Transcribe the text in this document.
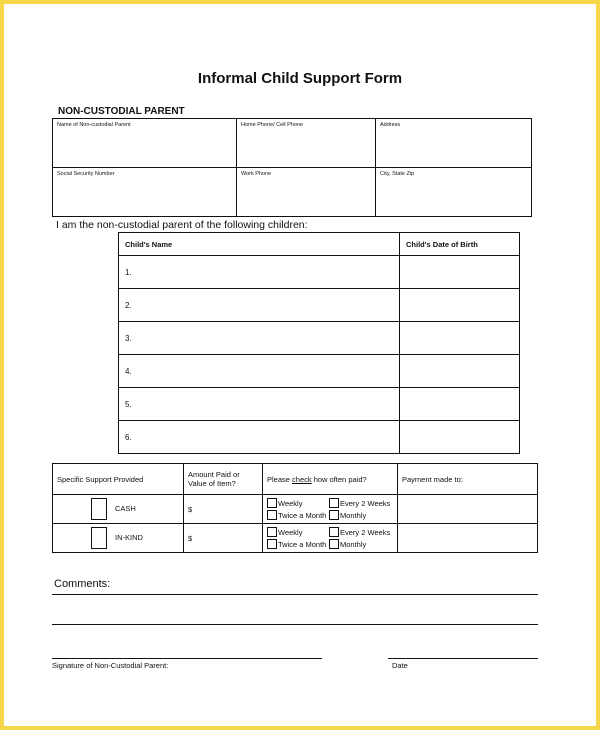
Informal Child Support Form
NON-CUSTODIAL PARENT
Name of Non-custodial Parent	Home Phone/ Cell Phone	Address
Social Security Number	Work Phone	City, State Zip
I am the non-custodial parent of the following children:
Child's Name	Child's Date of Birth
1.	
2.	
3.	
4.	
5.	
6.	
Specific Support Provided	Amount Paid or Value of Item?	Please check how often paid?	Payment made to:
CASH	$	Weekly Every 2 Weeks
Twice a Month Monthly	

IN-KIND	$	Weekly Every 2 Weeks
Twice a Month Monthly	

Comments:
Signature of Non-Custodial Parent:	Date
